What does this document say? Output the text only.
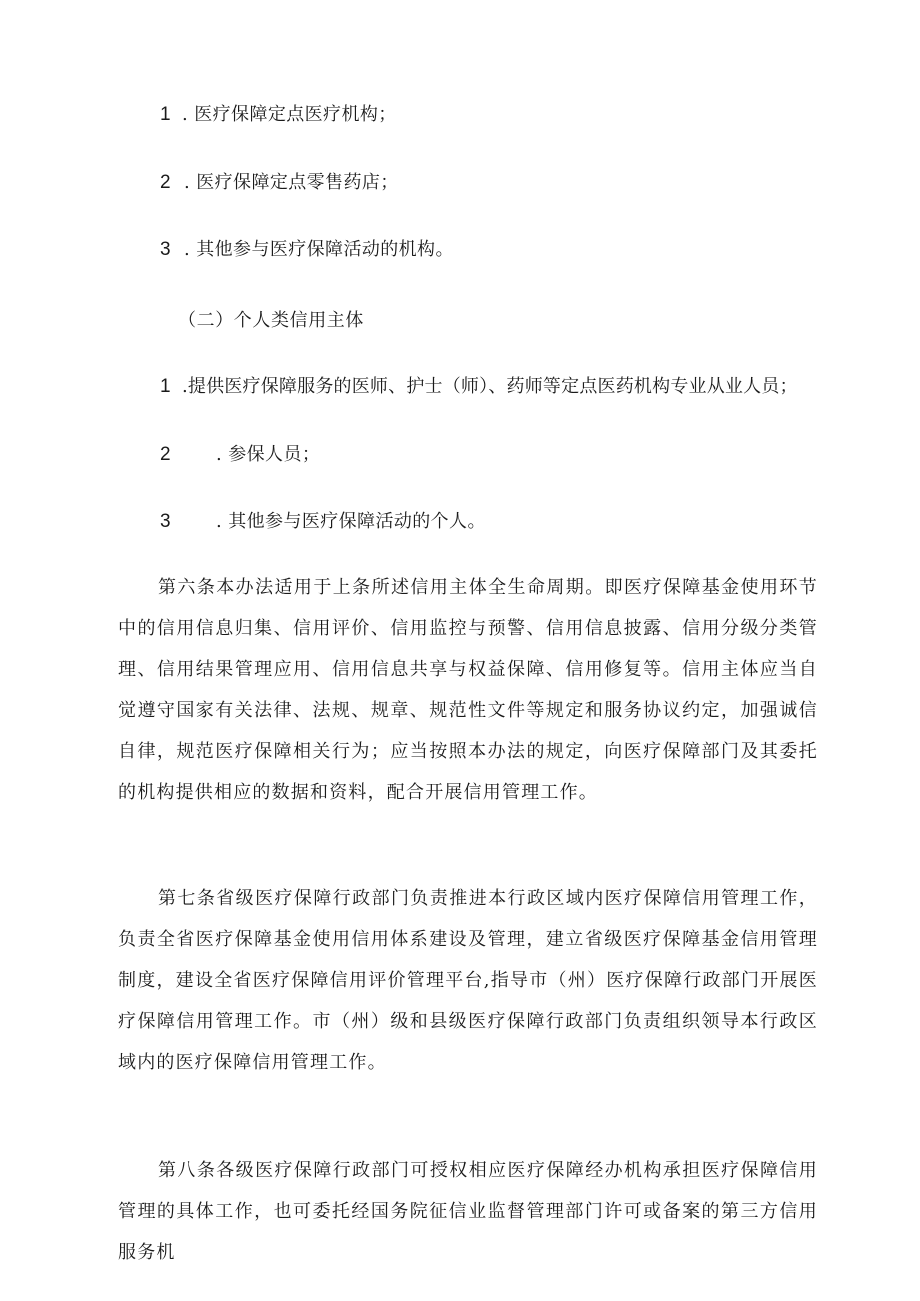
1 . 医疗保障定点医疗机构；
2 . 医疗保障定点零售药店；
3 . 其他参与医疗保障活动的机构。
（二）个人类信用主体
1 .提供医疗保障服务的医师、护士（师）、药师等定点医药机构专业从业人员；
2	. 参保人员；
3	. 其他参与医疗保障活动的个人。

第六条本办法适用于上条所述信用主体全生命周期。即医疗保障基金使用环节中的信用信息归集、信用评价、信用监控与预警、信用信息披露、信用分级分类管理、信用结果管理应用、信用信息共享与权益保障、信用修复等。信用主体应当自觉遵守国家有关法律、法规、规章、规范性文件等规定和服务协议约定，加强诚信自律，规范医疗保障相关行为；应当按照本办法的规定，向医疗保障部门及其委托的机构提供相应的数据和资料，配合开展信用管理工作。

第七条省级医疗保障行政部门负责推进本行政区域内医疗保障信用管理工作，负责全省医疗保障基金使用信用体系建设及管理，建立省级医疗保障基金信用管理制度，建设全省医疗保障信用评价管理平台,指导市（州）医疗保障行政部门开展医疗保障信用管理工作。市（州）级和县级医疗保障行政部门负责组织领导本行政区域内的医疗保障信用管理工作。

第八条各级医疗保障行政部门可授权相应医疗保障经办机构承担医疗保障信用管理的具体工作，也可委托经国务院征信业监督管理部门许可或备案的第三方信用服务机
